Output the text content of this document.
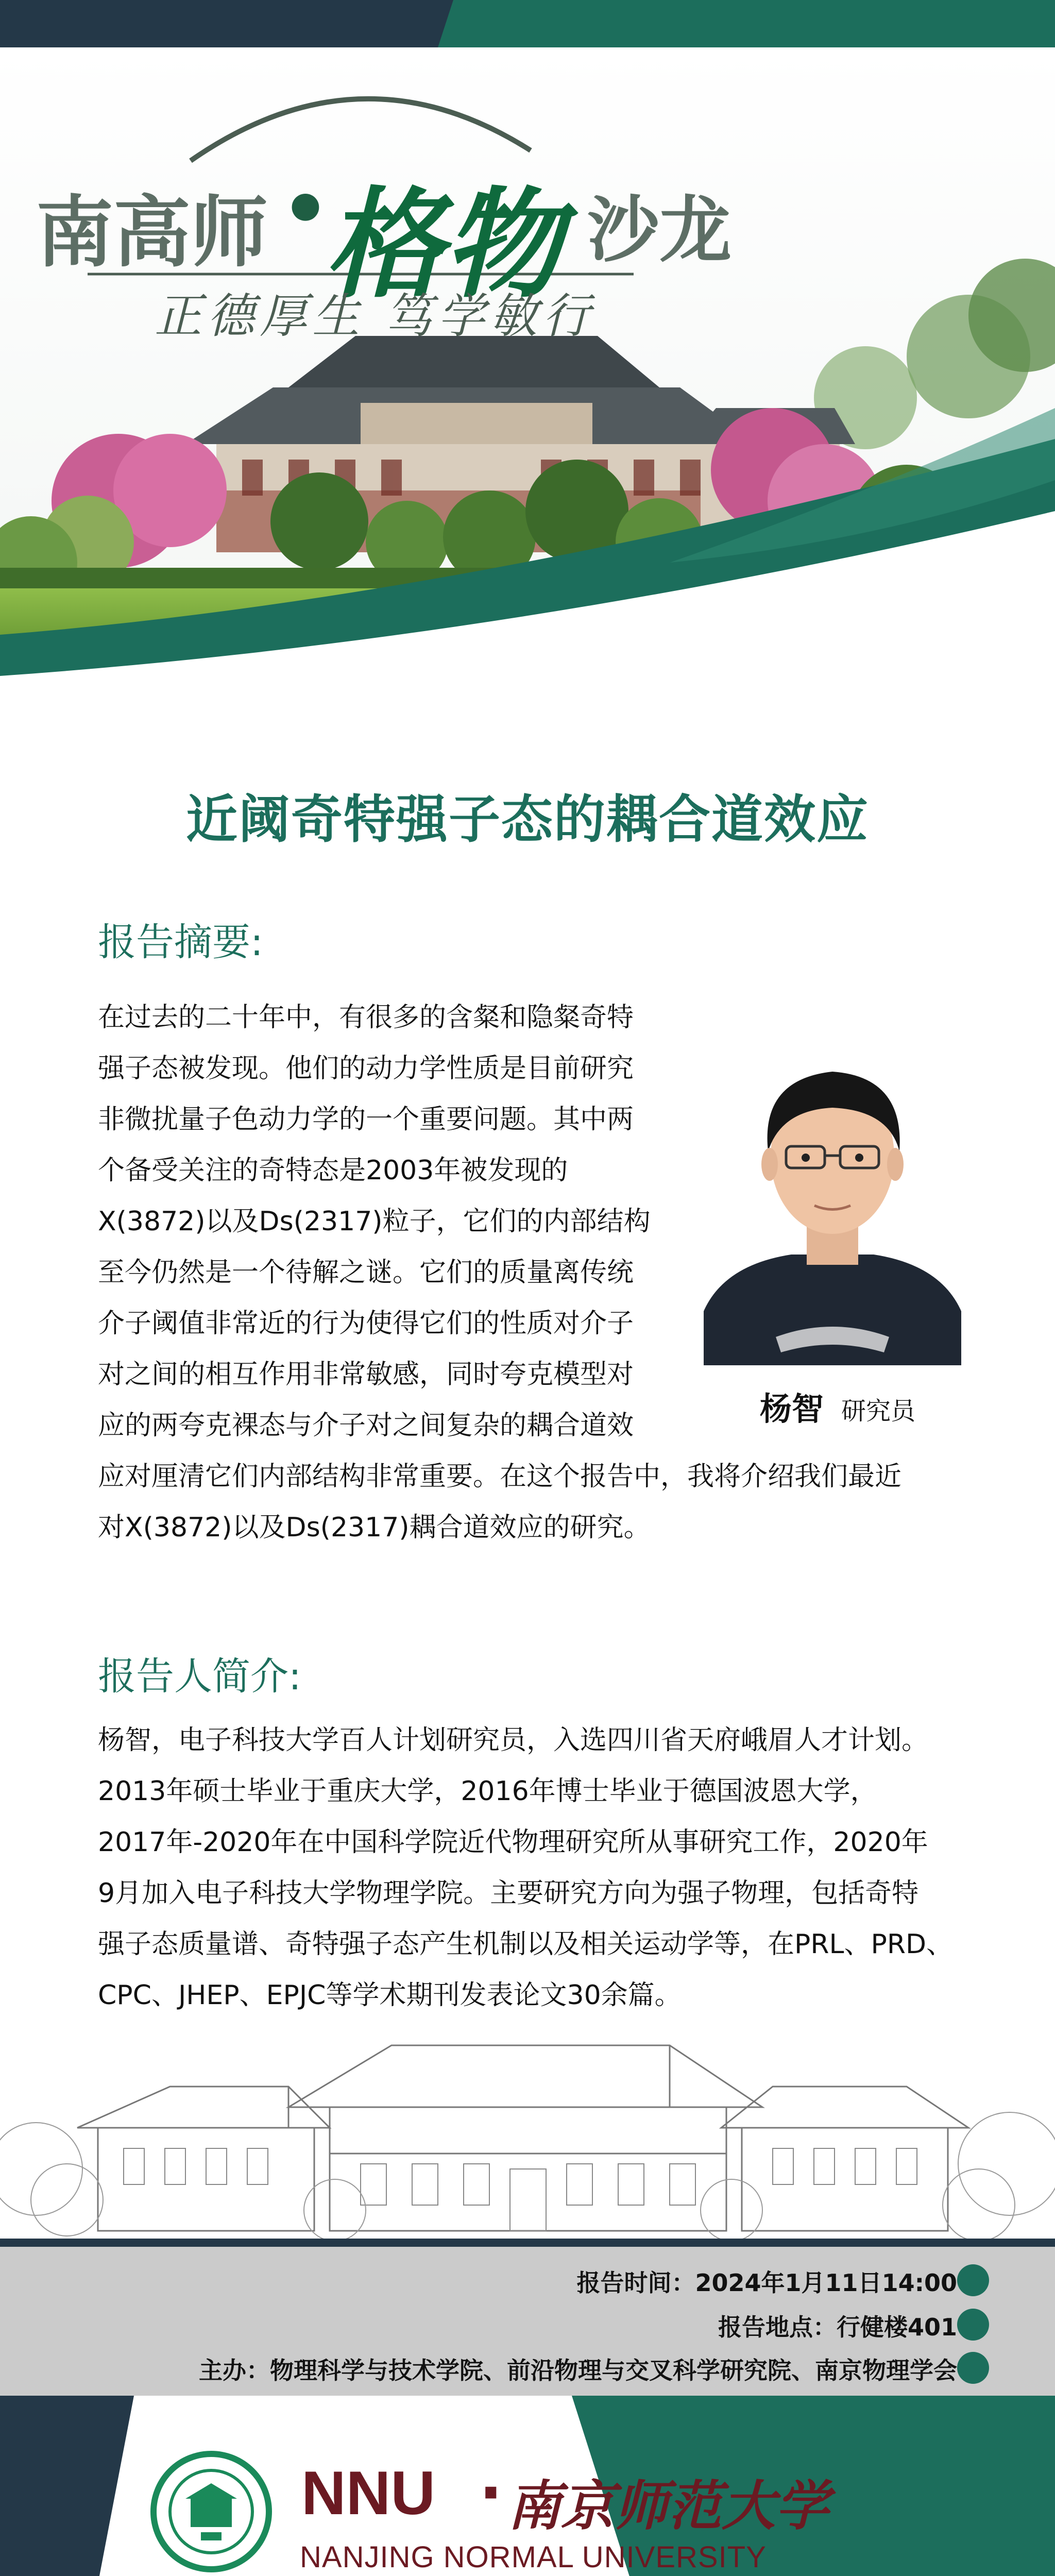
南高师 •
格物 沙龙
正德厚生 笃学敏行
近阈奇特强子态的耦合道效应
报告摘要:
在过去的二十年中，有很多的含粲和隐粲奇特
强子态被发现。他们的动力学性质是目前研究
非微扰量子色动力学的一个重要问题。其中两
个备受关注的奇特态是2003年被发现的
X(3872)以及Ds(2317)粒子，它们的内部结构
至今仍然是一个待解之谜。它们的质量离传统
介子阈值非常近的行为使得它们的性质对介子
对之间的相互作用非常敏感，同时夸克模型对
应的两夸克裸态与介子对之间复杂的耦合道效
应对厘清它们内部结构非常重要。在这个报告中，我将介绍我们最近
对X(3872)以及Ds(2317)耦合道效应的研究。
杨智 研究员
报告人简介:
杨智，电子科技大学百人计划研究员，入选四川省天府峨眉人才计划。
2013年硕士毕业于重庆大学，2016年博士毕业于德国波恩大学，
2017年-2020年在中国科学院近代物理研究所从事研究工作，2020年
9月加入电子科技大学物理学院。主要研究方向为强子物理，包括奇特
强子态质量谱、奇特强子态产生机制以及相关运动学等，在PRL、PRD、
CPC、JHEP、EPJC等学术期刊发表论文30余篇。
报告时间：2024年1月11日14:00
报告地点：行健楼401
主办：物理科学与技术学院、前沿物理与交叉科学研究院、南京物理学会
NNU · 南京师范大学
NANJING NORMAL UNIVERSITY
